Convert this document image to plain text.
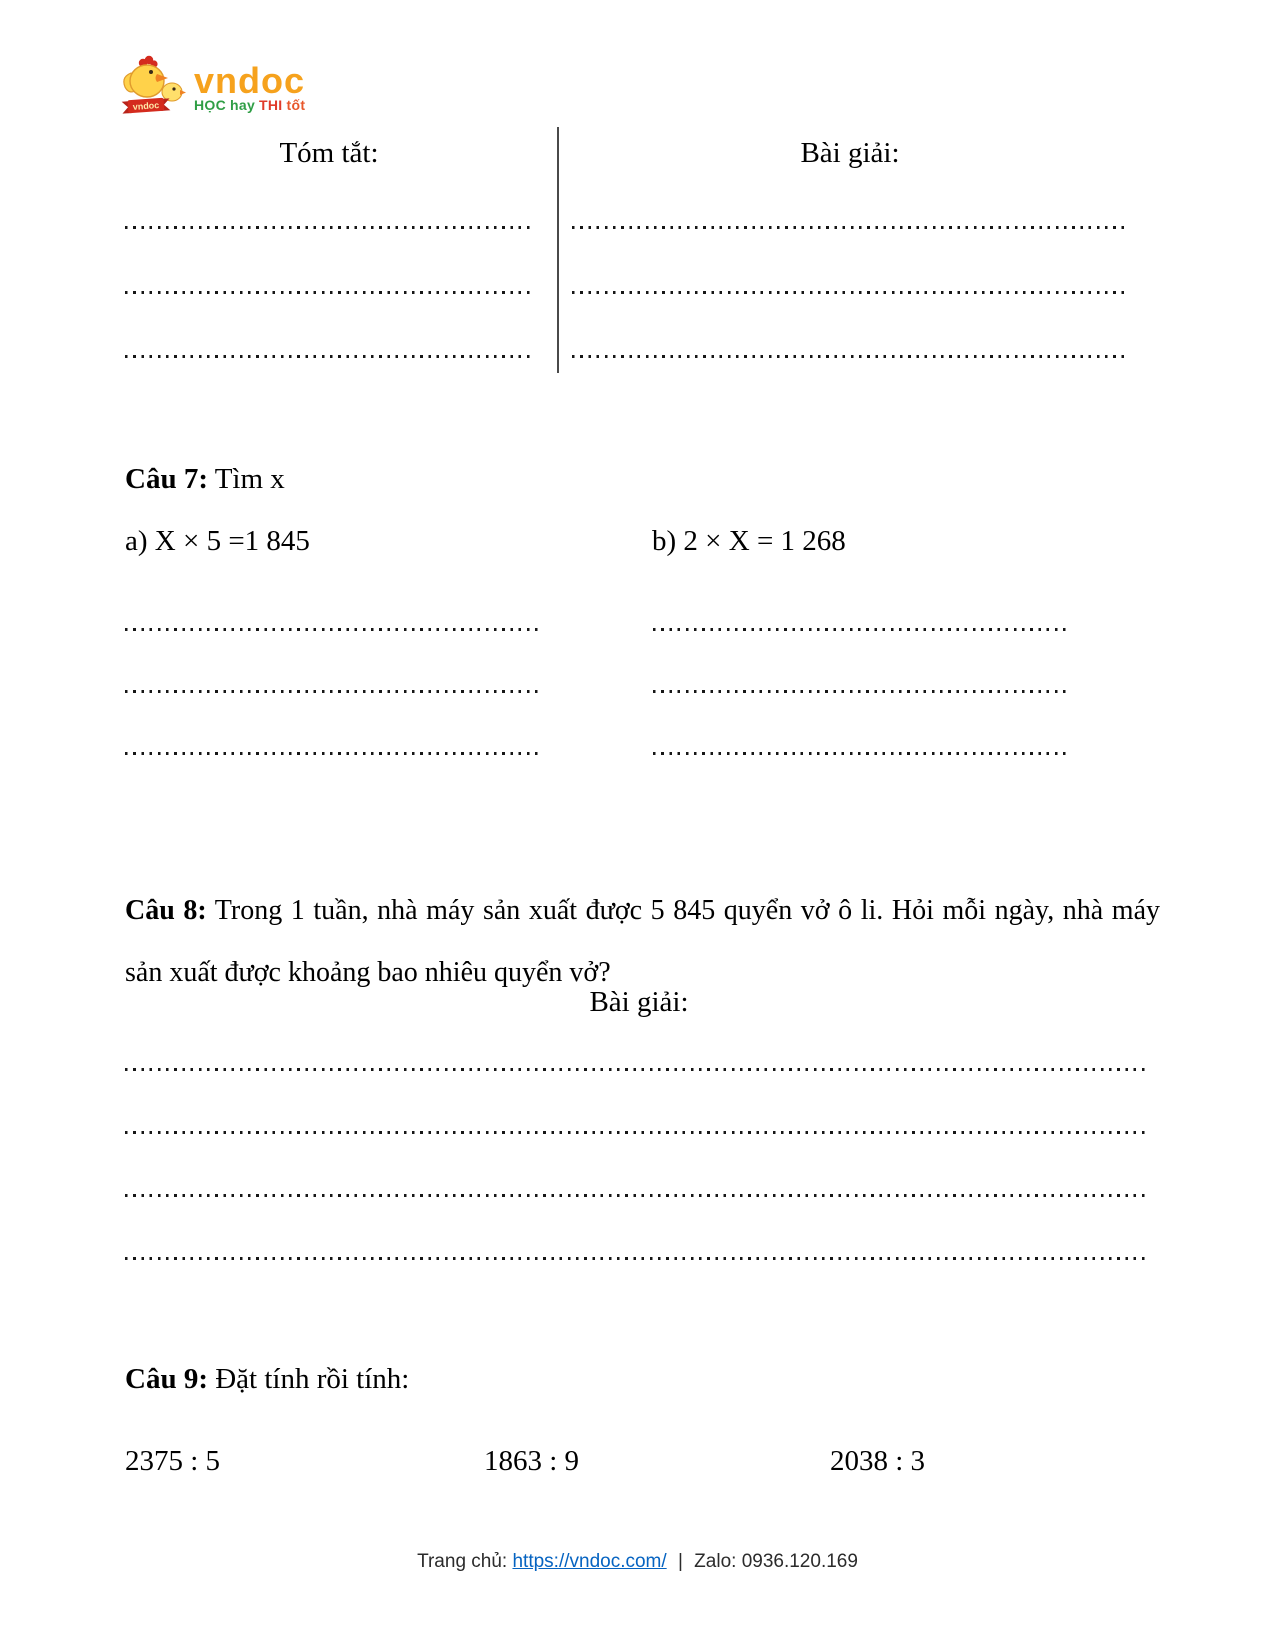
vndoc
vndoc
HỌC hay THI tốt
Tóm tắt:	Bài giải:
Câu 7: Tìm x
a) X × 5 =1 845	b) 2 × X = 1 268

Câu 8: Trong 1 tuần, nhà máy sản xuất được 5 845 quyển vở ô li. Hỏi mỗi ngày, nhà máy sản xuất được khoảng bao nhiêu quyển vở?

Bài giải:
Câu 9: Đặt tính rồi tính:
2375 : 5	1863 : 9	2038 : 3
Trang chủ: https://vndoc.com/ | Zalo: 0936.120.169
